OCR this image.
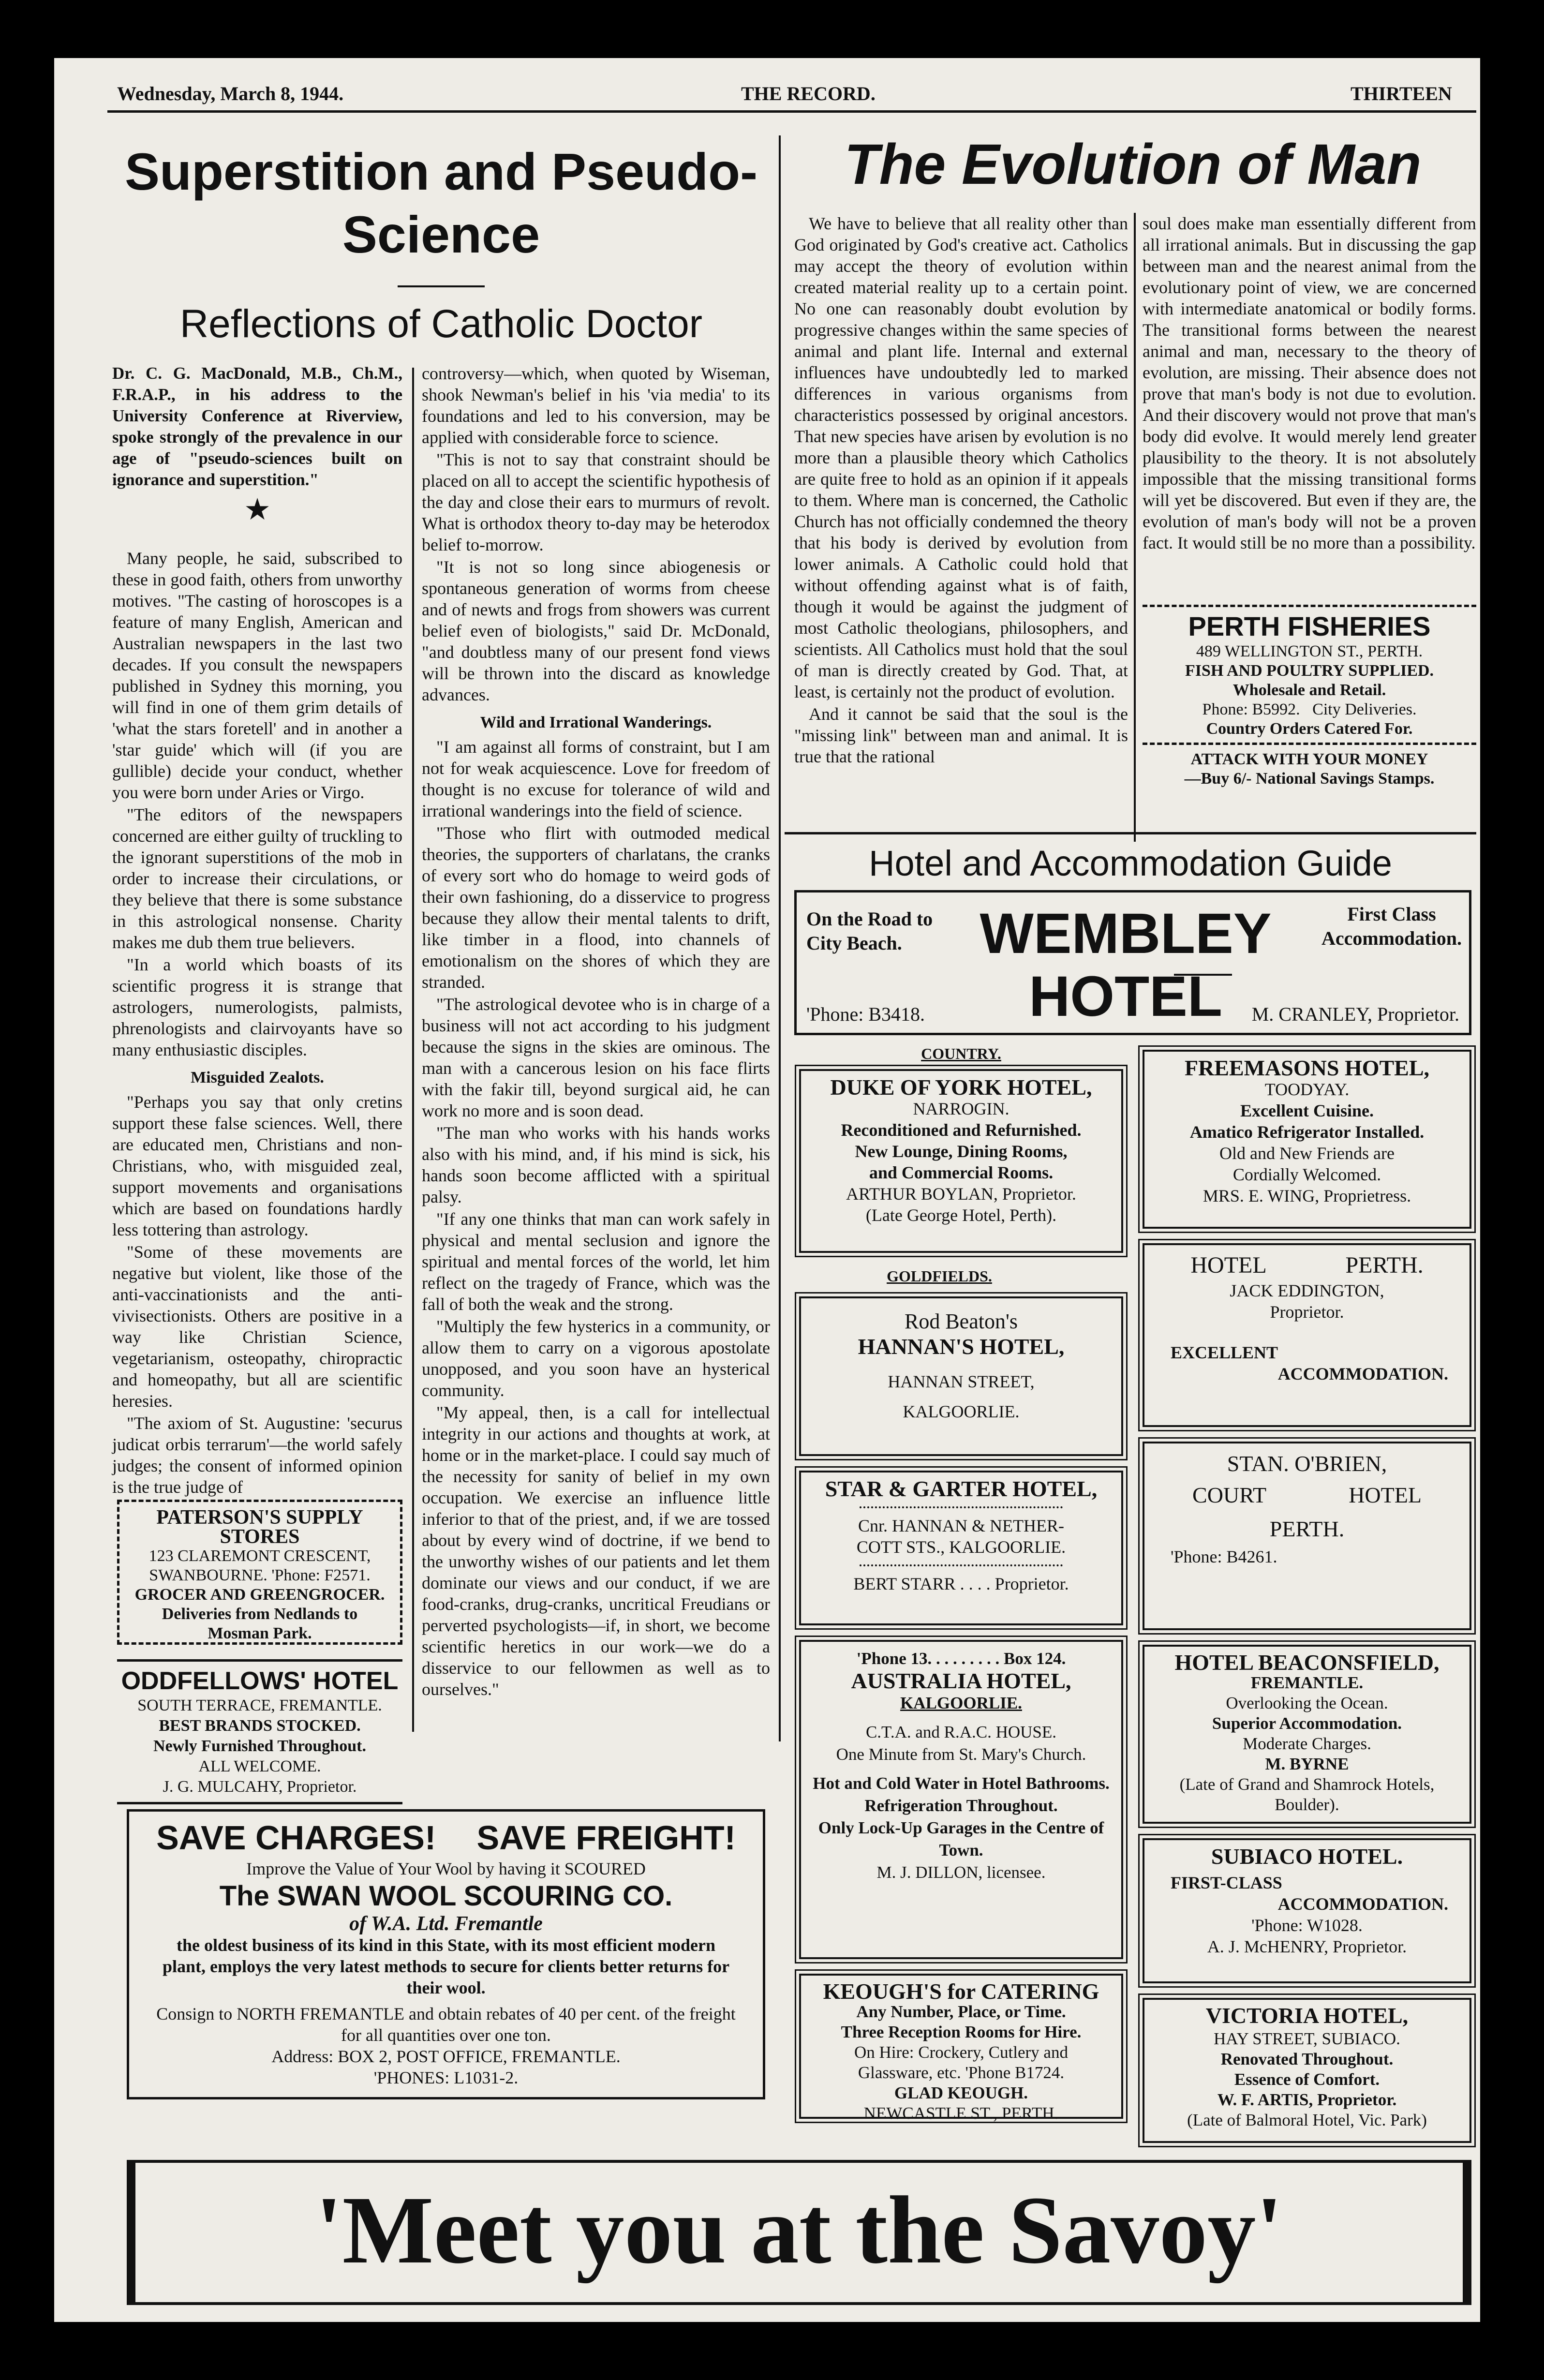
Wednesday, March 8, 1944.	THE RECORD.	THIRTEEN
Superstition and Pseudo-
Science
Reflections of Catholic Doctor

Dr. C. G. MacDonald, M.B., Ch.M., F.R.A.P., in his address to the University Conference at Riverview, spoke strongly of the prevalence in our age of "pseudo-sciences built on ignorance and superstition."

★

Many people, he said, subscribed to these in good faith, others from unworthy motives. "The casting of horoscopes is a feature of many English, American and Australian newspapers in the last two decades. If you consult the newspapers published in Sydney this morning, you will find in one of them grim details of 'what the stars foretell' and in another a 'star guide' which will (if you are gullible) decide your conduct, whether you were born under Aries or Virgo.

"The editors of the newspapers concerned are either guilty of truckling to the ignorant superstitions of the mob in order to increase their circulations, or they believe that there is some substance in this astrological nonsense. Charity makes me dub them true believers.

"In a world which boasts of its scientific progress it is strange that astrologers, numerologists, palmists, phrenologists and clairvoyants have so many enthusiastic disciples.

Misguided Zealots.

"Perhaps you say that only cretins support these false sciences. Well, there are educated men, Christians and non-Christians, who, with misguided zeal, support movements and organisations which are based on foundations hardly less tottering than astrology.

"Some of these movements are negative but violent, like those of the anti-vaccinationists and the anti-vivisectionists. Others are positive in a way like Christian Science, vegetarianism, osteopathy, chiropractic and homeopathy, but all are scientific heresies.

"The axiom of St. Augustine: 'securus judicat orbis terrarum'—the world safely judges; the consent of informed opinion is the true judge of

controversy—which, when quoted by Wiseman, shook Newman's belief in his 'via media' to its foundations and led to his conversion, may be applied with considerable force to science.

"This is not to say that constraint should be placed on all to accept the scientific hypothesis of the day and close their ears to murmurs of revolt. What is orthodox theory to-day may be heterodox belief to-morrow.

"It is not so long since abiogenesis or spontaneous generation of worms from cheese and of newts and frogs from showers was current belief even of biologists," said Dr. McDonald, "and doubtless many of our present fond views will be thrown into the discard as knowledge advances.

Wild and Irrational Wanderings.

"I am against all forms of constraint, but I am not for weak acquiescence. Love for freedom of thought is no excuse for tolerance of wild and irrational wanderings into the field of science.

"Those who flirt with outmoded medical theories, the supporters of charlatans, the cranks of every sort who do homage to weird gods of their own fashioning, do a disservice to progress because they allow their mental talents to drift, like timber in a flood, into channels of emotionalism on the shores of which they are stranded.

"The astrological devotee who is in charge of a business will not act according to his judgment because the signs in the skies are ominous. The man with a cancerous lesion on his face flirts with the fakir till, beyond surgical aid, he can work no more and is soon dead.

"The man who works with his hands works also with his mind, and, if his mind is sick, his hands soon become afflicted with a spiritual palsy.

"If any one thinks that man can work safely in physical and mental seclusion and ignore the spiritual and mental forces of the world, let him reflect on the tragedy of France, which was the fall of both the weak and the strong.

"Multiply the few hysterics in a community, or allow them to carry on a vigorous apostolate unopposed, and you soon have an hysterical community.

"My appeal, then, is a call for intellectual integrity in our actions and thoughts at work, at home or in the market-place. I could say much of the necessity for sanity of belief in my own occupation. We exercise an influence little inferior to that of the priest, and, if we are tossed about by every wind of doctrine, if we bend to the unworthy wishes of our patients and let them dominate our views and our conduct, if we are food-cranks, drug-cranks, uncritical Freudians or perverted psychologists—if, in short, we become scientific heretics in our work—we do a disservice to our fellowmen as well as to ourselves."

PATERSON'S SUPPLY STORES
123 CLAREMONT CRESCENT,
SWANBOURNE. 'Phone: F2571.
GROCER AND GREENGROCER.
Deliveries from Nedlands to
Mosman Park.
ODDFELLOWS' HOTEL
SOUTH TERRACE, FREMANTLE.
BEST BRANDS STOCKED.
Newly Furnished Throughout.
ALL WELCOME.
J. G. MULCAHY, Proprietor.
SAVE CHARGES! SAVE FREIGHT!
Improve the Value of Your Wool by having it SCOURED
The SWAN WOOL SCOURING CO.
of W.A. Ltd. Fremantle
the oldest business of its kind in this State, with its most efficient modern plant, employs the very latest methods to secure for clients better returns for their wool.
Consign to NORTH FREMANTLE and obtain rebates of 40 per cent. of the freight for all quantities over one ton.
Address: BOX 2, POST OFFICE, FREMANTLE.
'PHONES: L1031-2.
The Evolution of Man

We have to believe that all reality other than God originated by God's creative act. Catholics may accept the theory of evolution within created material reality up to a certain point. No one can reasonably doubt evolution by progressive changes within the same species of animal and plant life. Internal and external influences have undoubtedly led to marked differences in various organisms from characteristics possessed by original ancestors. That new species have arisen by evolution is no more than a plausible theory which Catholics are quite free to hold as an opinion if it appeals to them. Where man is concerned, the Catholic Church has not officially condemned the theory that his body is derived by evolution from lower animals. A Catholic could hold that without offending against what is of faith, though it would be against the judgment of most Catholic theologians, philosophers, and scientists. All Catholics must hold that the soul of man is directly created by God. That, at least, is certainly not the product of evolution.

And it cannot be said that the soul is the "missing link" between man and animal. It is true that the rational

soul does make man essentially different from all irrational animals. But in discussing the gap between man and the nearest animal from the evolutionary point of view, we are concerned with intermediate anatomical or bodily forms. The transitional forms between the nearest animal and man, necessary to the theory of evolution, are missing. Their absence does not prove that man's body is not due to evolution. And their discovery would not prove that man's body did evolve. It would merely lend greater plausibility to the theory. It is not absolutely impossible that the missing transitional forms will yet be discovered. But even if they are, the evolution of man's body will not be a proven fact. It would still be no more than a possibility.

PERTH FISHERIES
489 WELLINGTON ST., PERTH.
FISH AND POULTRY SUPPLIED.
Wholesale and Retail.
Phone: B5992. City Deliveries.
Country Orders Catered For.
ATTACK WITH YOUR MONEY
—Buy 6/- National Savings Stamps.
Hotel and Accommodation Guide
On the Road to City Beach.	WEMBLEY HOTEL
First Class Accommodation.
'Phone: B3418.	M. CRANLEY, Proprietor.
COUNTRY.
DUKE OF YORK HOTEL,
NARROGIN.
Reconditioned and Refurnished.
New Lounge, Dining Rooms,
and Commercial Rooms.
ARTHUR BOYLAN, Proprietor.
(Late George Hotel, Perth).
GOLDFIELDS.
Rod Beaton's
HANNAN'S HOTEL,
HANNAN STREET,
KALGOORLIE.
STAR & GARTER HOTEL,
Cnr. HANNAN & NETHER-
COTT STS., KALGOORLIE.
BERT STARR . . . . Proprietor.
'Phone 13. . . . . . . . . Box 124.
AUSTRALIA HOTEL,
KALGOORLIE.
C.T.A. and R.A.C. HOUSE.
One Minute from St. Mary's Church.
Hot and Cold Water in Hotel Bathrooms.
Refrigeration Throughout.
Only Lock-Up Garages in the Centre of Town.
M. J. DILLON, licensee.
KEOUGH'S for CATERING
Any Number, Place, or Time.
Three Reception Rooms for Hire.
On Hire: Crockery, Cutlery and
Glassware, etc. 'Phone B1724.
GLAD KEOUGH.
NEWCASTLE ST., PERTH.
FREEMASONS HOTEL,
TOODYAY.
Excellent Cuisine.
Amatico Refrigerator Installed.
Old and New Friends are
Cordially Welcomed.
MRS. E. WING, Proprietress.
HOTEL	PERTH.
JACK EDDINGTON,
Proprietor.
EXCELLENT
ACCOMMODATION.
STAN. O'BRIEN,
COURT	HOTEL
PERTH.
'Phone: B4261.
HOTEL BEACONSFIELD,
FREMANTLE.
Overlooking the Ocean.
Superior Accommodation.
Moderate Charges.
M. BYRNE
(Late of Grand and Shamrock Hotels, Boulder).
SUBIACO HOTEL.
FIRST-CLASS
ACCOMMODATION.
'Phone: W1028.
A. J. McHENRY, Proprietor.
VICTORIA HOTEL,
HAY STREET, SUBIACO.
Renovated Throughout.
Essence of Comfort.
W. F. ARTIS, Proprietor.
(Late of Balmoral Hotel, Vic. Park)
'Meet you at the Savoy'
